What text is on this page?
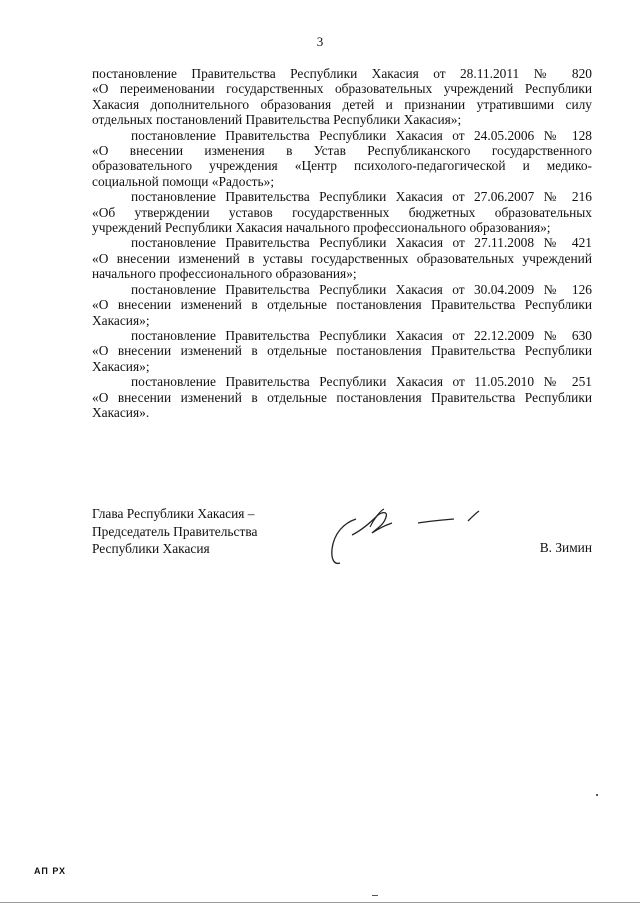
3
постановление Правительства Республики Хакасия от 28.11.2011 № 820
«О переименовании государственных образовательных учреждений Республики
Хакасия дополнительного образования детей и признании утратившими силу
отдельных постановлений Правительства Республики Хакасия»;
постановление Правительства Республики Хакасия от 24.05.2006 № 128
«О внесении изменения в Устав Республиканского государственного
образовательного учреждения «Центр психолого-педагогической и медико-
социальной помощи «Радость»;
постановление Правительства Республики Хакасия от 27.06.2007 № 216
«Об утверждении уставов государственных бюджетных образовательных
учреждений Республики Хакасия начального профессионального образования»;
постановление Правительства Республики Хакасия от 27.11.2008 № 421
«О внесении изменений в уставы государственных образовательных учреждений
начального профессионального образования»;
постановление Правительства Республики Хакасия от 30.04.2009 № 126
«О внесении изменений в отдельные постановления Правительства Республики
Хакасия»;
постановление Правительства Республики Хакасия от 22.12.2009 № 630
«О внесении изменений в отдельные постановления Правительства Республики
Хакасия»;
постановление Правительства Республики Хакасия от 11.05.2010 № 251
«О внесении изменений в отдельные постановления Правительства Республики
Хакасия».
Глава Республики Хакасия –
Председатель Правительства
Республики Хакасия	В. Зимин
АП РХ
